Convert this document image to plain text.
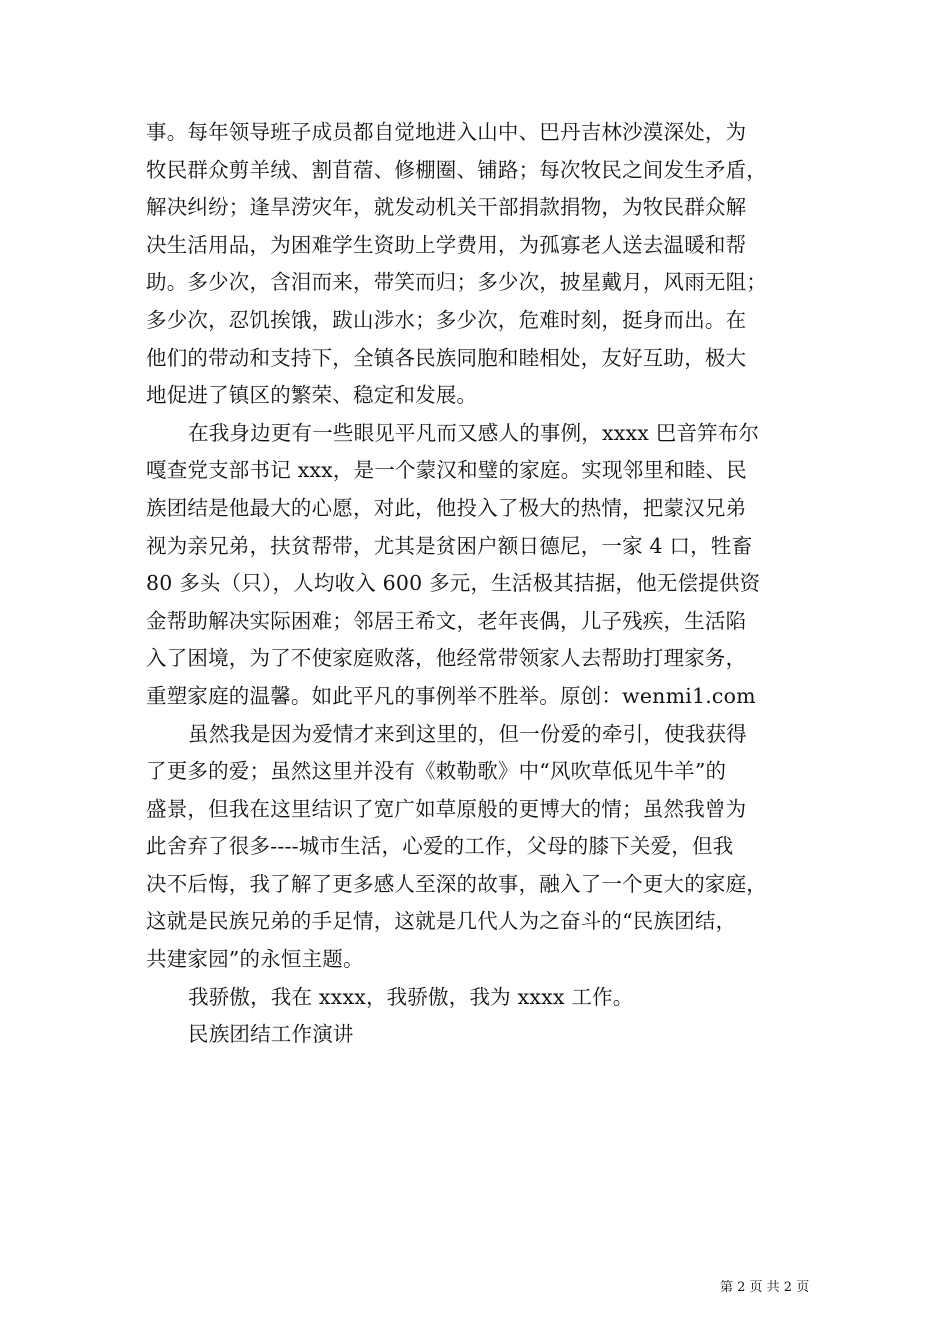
事。每年领导班子成员都自觉地进入山中、巴丹吉林沙漠深处，为
牧民群众剪羊绒、割苜蓿、修棚圈、铺路；每次牧民之间发生矛盾，
解决纠纷；逢旱涝灾年，就发动机关干部捐款捐物，为牧民群众解
决生活用品，为困难学生资助上学费用，为孤寡老人送去温暖和帮
助。多少次，含泪而来，带笑而归；多少次，披星戴月，风雨无阻；
多少次，忍饥挨饿，跋山涉水；多少次，危难时刻，挺身而出。在
他们的带动和支持下，全镇各民族同胞和睦相处，友好互助，极大
地促进了镇区的繁荣、稳定和发展。
在我身边更有一些眼见平凡而又感人的事例，xxxx 巴音笄布尔
嘎查党支部书记 xxx，是一个蒙汉和璧的家庭。实现邻里和睦、民
族团结是他最大的心愿，对此，他投入了极大的热情，把蒙汉兄弟
视为亲兄弟，扶贫帮带，尤其是贫困户额日德尼，一家 4 口，牲畜
80 多头（只），人均收入 600 多元，生活极其拮据，他无偿提供资
金帮助解决实际困难；邻居王希文，老年丧偶，儿子残疾，生活陷
入了困境，为了不使家庭败落，他经常带领家人去帮助打理家务，
重塑家庭的温馨。如此平凡的事例举不胜举。原创：wenmi1.com
虽然我是因为爱情才来到这里的，但一份爱的牵引，使我获得
了更多的爱；虽然这里并没有《敕勒歌》中“风吹草低见牛羊”的
盛景，但我在这里结识了宽广如草原般的更博大的情；虽然我曾为
此舍弃了很多----城市生活，心爱的工作，父母的膝下关爱，但我
决不后悔，我了解了更多感人至深的故事，融入了一个更大的家庭，
这就是民族兄弟的手足情，这就是几代人为之奋斗的“民族团结，
共建家园”的永恒主题。
我骄傲，我在 xxxx，我骄傲，我为 xxxx 工作。
民族团结工作演讲
第 2 页 共 2 页
